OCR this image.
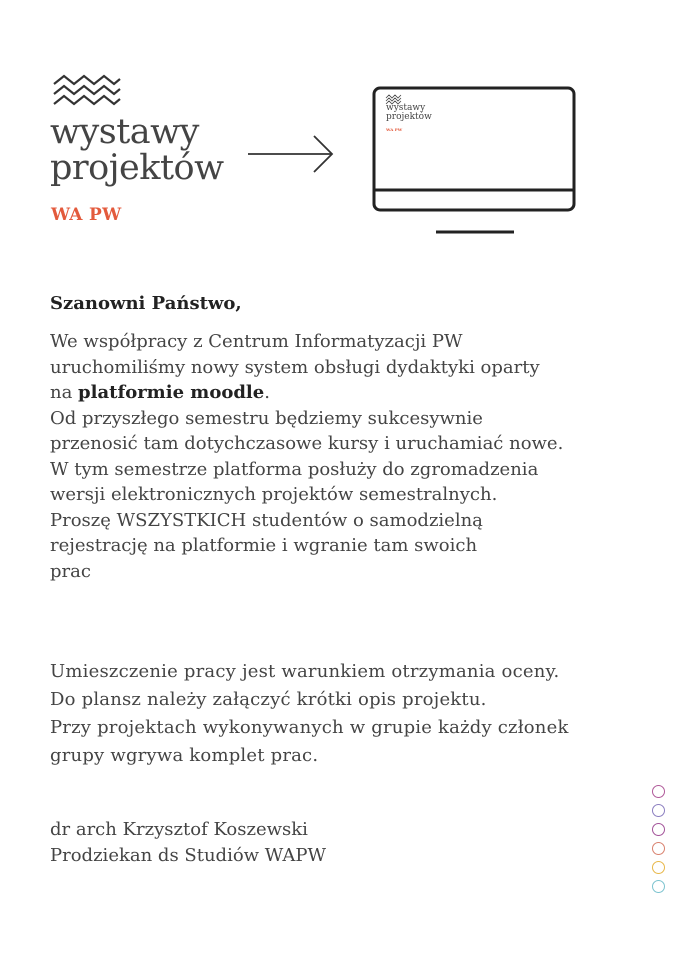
wystawy
projektów
WA PW
wystawy
projektów
WA PW
Szanowni Państwo,
We współpracy z Centrum Informatyzacji PW
uruchomiliśmy nowy system obsługi dydaktyki oparty
na platformie moodle.
Od przyszłego semestru będziemy sukcesywnie
przenosić tam dotychczasowe kursy i uruchamiać nowe.
W tym semestrze platforma posłuży do zgromadzenia
wersji elektronicznych projektów semestralnych.
Proszę WSZYSTKICH studentów o samodzielną
rejestrację na platformie i wgranie tam swoich
prac
Umieszczenie pracy jest warunkiem otrzymania oceny.
Do plansz należy załączyć krótki opis projektu.
Przy projektach wykonywanych w grupie każdy członek
grupy wgrywa komplet prac.
dr arch Krzysztof Koszewski
Prodziekan ds Studiów WAPW
